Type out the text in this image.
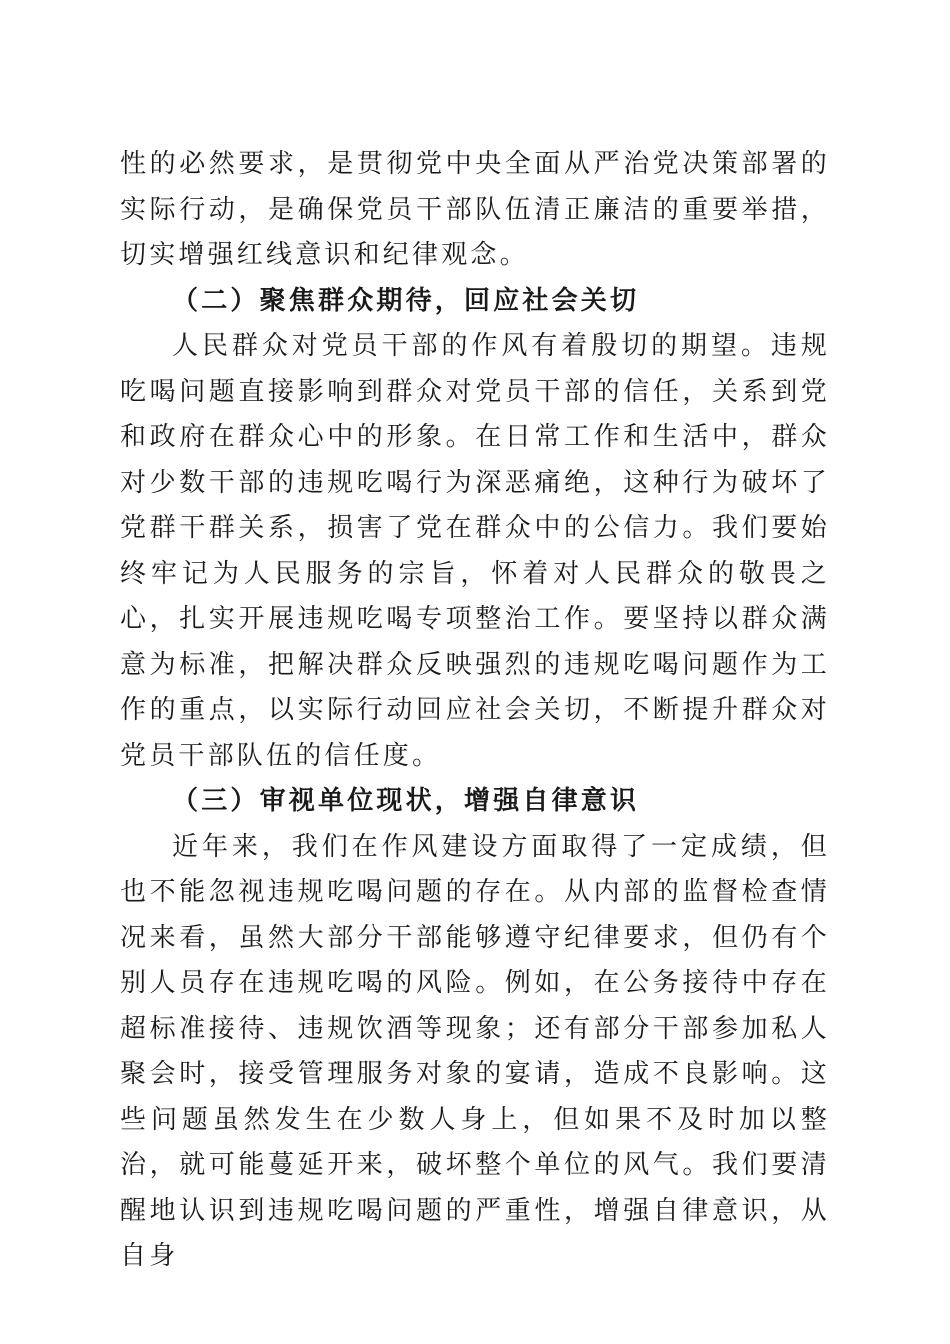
性的必然要求，是贯彻党中央全面从严治党决策部署的实际行动，是确保党员干部队伍清正廉洁的重要举措，切实增强红线意识和纪律观念。

（二）聚焦群众期待，回应社会关切

人民群众对党员干部的作风有着殷切的期望。违规吃喝问题直接影响到群众对党员干部的信任，关系到党和政府在群众心中的形象。在日常工作和生活中，群众对少数干部的违规吃喝行为深恶痛绝，这种行为破坏了党群干群关系，损害了党在群众中的公信力。我们要始终牢记为人民服务的宗旨，怀着对人民群众的敬畏之心，扎实开展违规吃喝专项整治工作。要坚持以群众满意为标准，把解决群众反映强烈的违规吃喝问题作为工作的重点，以实际行动回应社会关切，不断提升群众对党员干部队伍的信任度。

（三）审视单位现状，增强自律意识

近年来，我们在作风建设方面取得了一定成绩，但也不能忽视违规吃喝问题的存在。从内部的监督检查情况来看，虽然大部分干部能够遵守纪律要求，但仍有个别人员存在违规吃喝的风险。例如，在公务接待中存在超标准接待、违规饮酒等现象；还有部分干部参加私人聚会时，接受管理服务对象的宴请，造成不良影响。这些问题虽然发生在少数人身上，但如果不及时加以整治，就可能蔓延开来，破坏整个单位的风气。我们要清醒地认识到违规吃喝问题的严重性，增强自律意识，从自身
